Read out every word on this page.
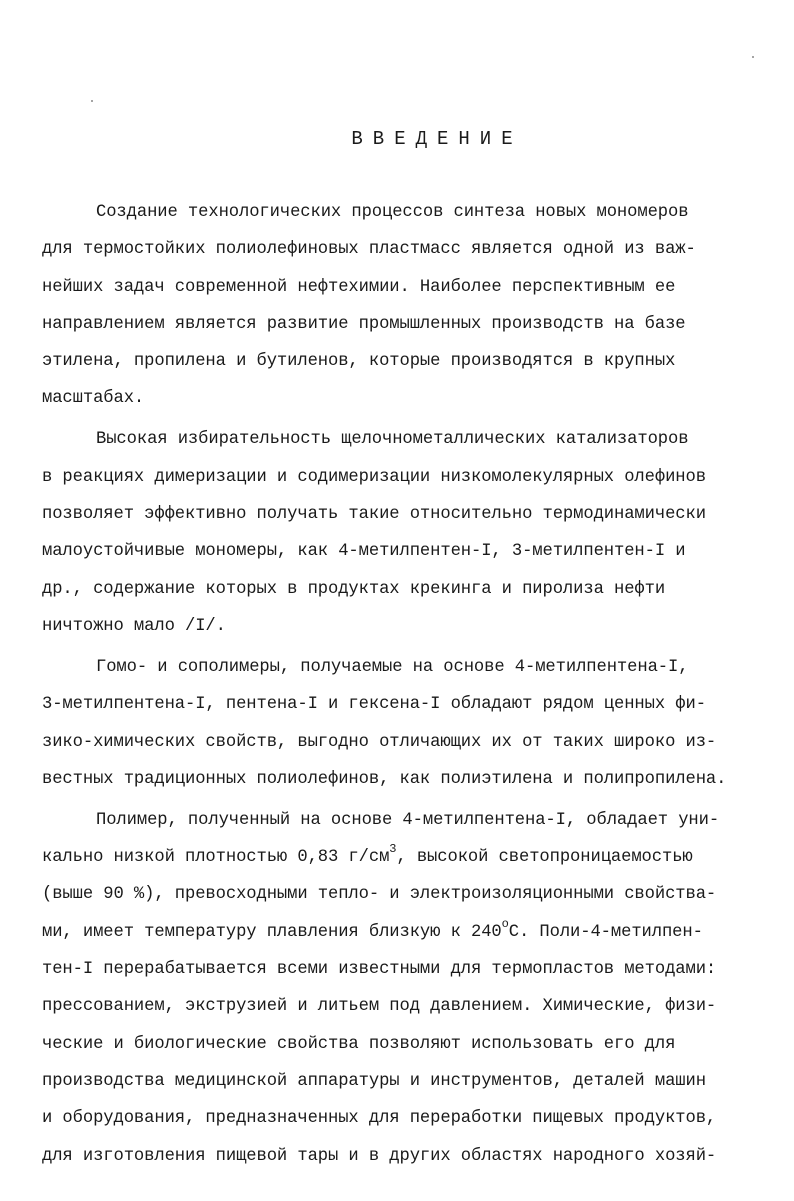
ВВЕДЕНИЕ
Создание технологических процессов синтеза новых мономеров
для термостойких полиолефиновых пластмасс является одной из важ-
нейших задач современной нефтехимии. Наиболее перспективным ее
направлением является развитие промышленных производств на базе
этилена, пропилена и бутиленов, которые производятся в крупных
масштабах.
Высокая избирательность щелочнометаллических катализаторов
в реакциях димеризации и содимеризации низкомолекулярных олефинов
позволяет эффективно получать такие относительно термодинамически
малоустойчивые мономеры, как 4-метилпентен-I, 3-метилпентен-I и
др., содержание которых в продуктах крекинга и пиролиза нефти
ничтожно мало /I/.
Гомо- и сополимеры, получаемые на основе 4-метилпентена-I,
3-метилпентена-I, пентена-I и гексена-I обладают рядом ценных фи-
зико-химических свойств, выгодно отличающих их от таких широко из-
вестных традиционных полиолефинов, как полиэтилена и полипропилена.
Полимер, полученный на основе 4-метилпентена-I, обладает уни-
кально низкой плотностью 0,83 $г/см^3$, высокой светопроницаемостью
(выше 90 %), превосходными тепло- и электроизоляционными свойства-
ми, имеет температуру плавления близкую к $240^оС$. Поли-4-метилпен-
тен-I перерабатывается всеми известными для термопластов методами:
прессованием, экструзией и литьем под давлением. Химические, физи-
ческие и биологические свойства позволяют использовать его для
производства медицинской аппаратуры и инструментов, деталей машин
и оборудования, предназначенных для переработки пищевых продуктов,
для изготовления пищевой тары и в других областях народного хозяй-
